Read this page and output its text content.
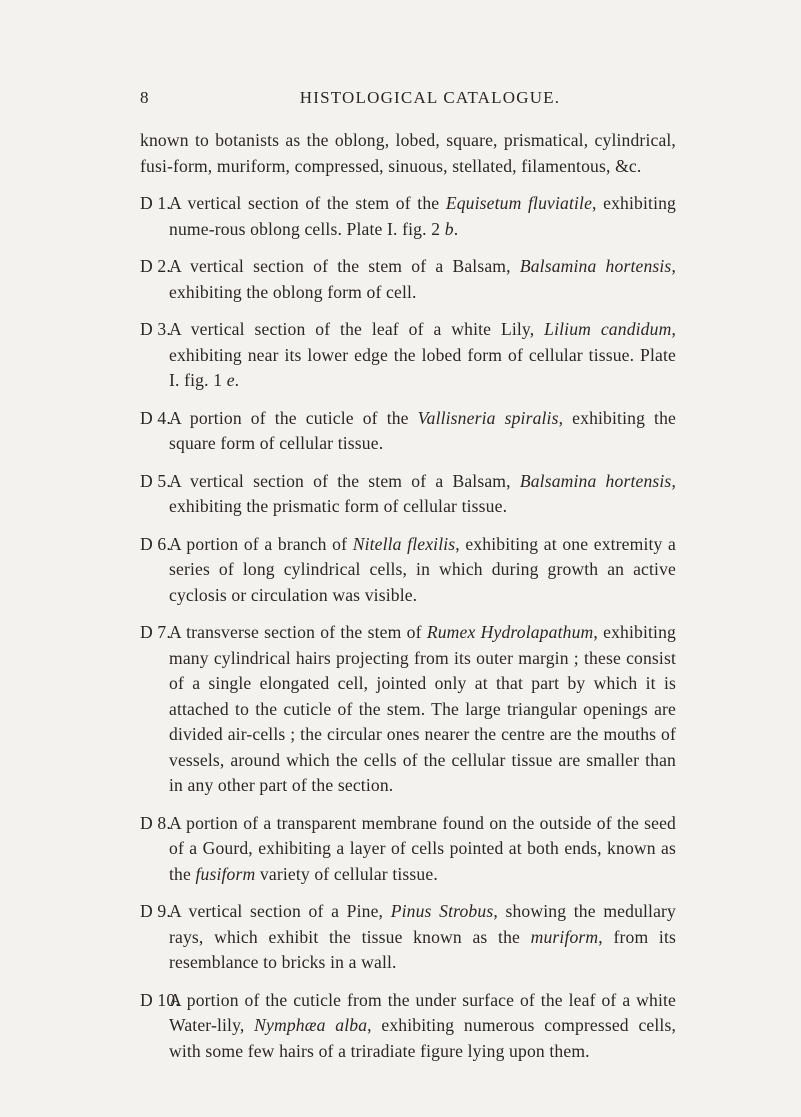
8	HISTOLOGICAL CATALOGUE.

known to botanists as the oblong, lobed, square, prismatical, cylindrical, fusi-form, muriform, compressed, sinuous, stellated, filamentous, &c.

D 1.
A vertical section of the stem of the Equisetum fluviatile, exhibiting nume-rous oblong cells. Plate I. fig. 2 b.
D 2.
A vertical section of the stem of a Balsam, Balsamina hortensis, exhibiting the oblong form of cell.
D 3.
A vertical section of the leaf of a white Lily, Lilium candidum, exhibiting near its lower edge the lobed form of cellular tissue. Plate I. fig. 1 e.
D 4.
A portion of the cuticle of the Vallisneria spiralis, exhibiting the square form of cellular tissue.
D 5.
A vertical section of the stem of a Balsam, Balsamina hortensis, exhibiting the prismatic form of cellular tissue.
D 6.
A portion of a branch of Nitella flexilis, exhibiting at one extremity a series of long cylindrical cells, in which during growth an active cyclosis or circulation was visible.
D 7.
A transverse section of the stem of Rumex Hydrolapathum, exhibiting many cylindrical hairs projecting from its outer margin ; these consist of a single elongated cell, jointed only at that part by which it is attached to the cuticle of the stem. The large triangular openings are divided air-cells ; the circular ones nearer the centre are the mouths of vessels, around which the cells of the cellular tissue are smaller than in any other part of the section.
D 8.
A portion of a transparent membrane found on the outside of the seed of a Gourd, exhibiting a layer of cells pointed at both ends, known as the fusiform variety of cellular tissue.
D 9.
A vertical section of a Pine, Pinus Strobus, showing the medullary rays, which exhibit the tissue known as the muriform, from its resemblance to bricks in a wall.
D 10.
A portion of the cuticle from the under surface of the leaf of a white Water-lily, Nymphæa alba, exhibiting numerous compressed cells, with some few hairs of a triradiate figure lying upon them.
